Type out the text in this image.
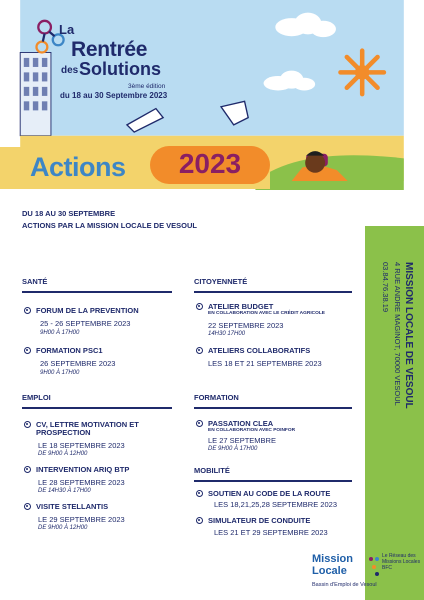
La
Rentrée
des Solutions
3ème édition
du 18 au 30 Septembre 2023
Actions	2023
DU 18 AU 30 SEPTEMBRE
ACTIONS PAR LA MISSION LOCALE DE VESOUL
MISSION LOCALE DE VESOUL
4 RUE ANDRE MAGINOT, 70000 VESOUL
03.84.76.38.19
SANTÉ
FORUM DE LA PREVENTION
25 - 26 SEPTEMBRE 2023
9H00 À 17H00
FORMATION PSC1
26 SEPTEMBRE 2023
9H00 À 17H00
EMPLOI
CV, LETTRE MOTIVATION ET
PROSPECTION
LE 18 SEPTEMBRE 2023
DE 9H00 À 12H00
INTERVENTION ARIQ BTP
LE 28 SEPTEMBRE 2023
DE 14H30 À 17H00
VISITE STELLANTIS
LE 29 SEPTEMBRE 2023
DE 9H00 À 12H00
CITOYENNETÉ
ATELIER BUDGET
EN COLLABORATION AVEC LE CRÉDIT AGRICOLE
22 SEPTEMBRE 2023
14H30 17H00
ATELIERS COLLABORATIFS
LES 18 ET 21 SEPTEMBRE 2023
FORMATION
PASSATION CLEA
EN COLLABORATION AVEC POINFOR
LE 27 SEPTEMBRE
DE 9H00 À 17H00
MOBILITÉ
SOUTIEN AU CODE DE LA ROUTE
LES 18,21,25,28 SEPTEMBRE 2023
SIMULATEUR DE CONDUITE
LES 21 ET 29 SEPTEMBRE 2023
Mission
Locale
Bassin d'Emploi de Vesoul
Le Réseau des Missions Locales BFC
